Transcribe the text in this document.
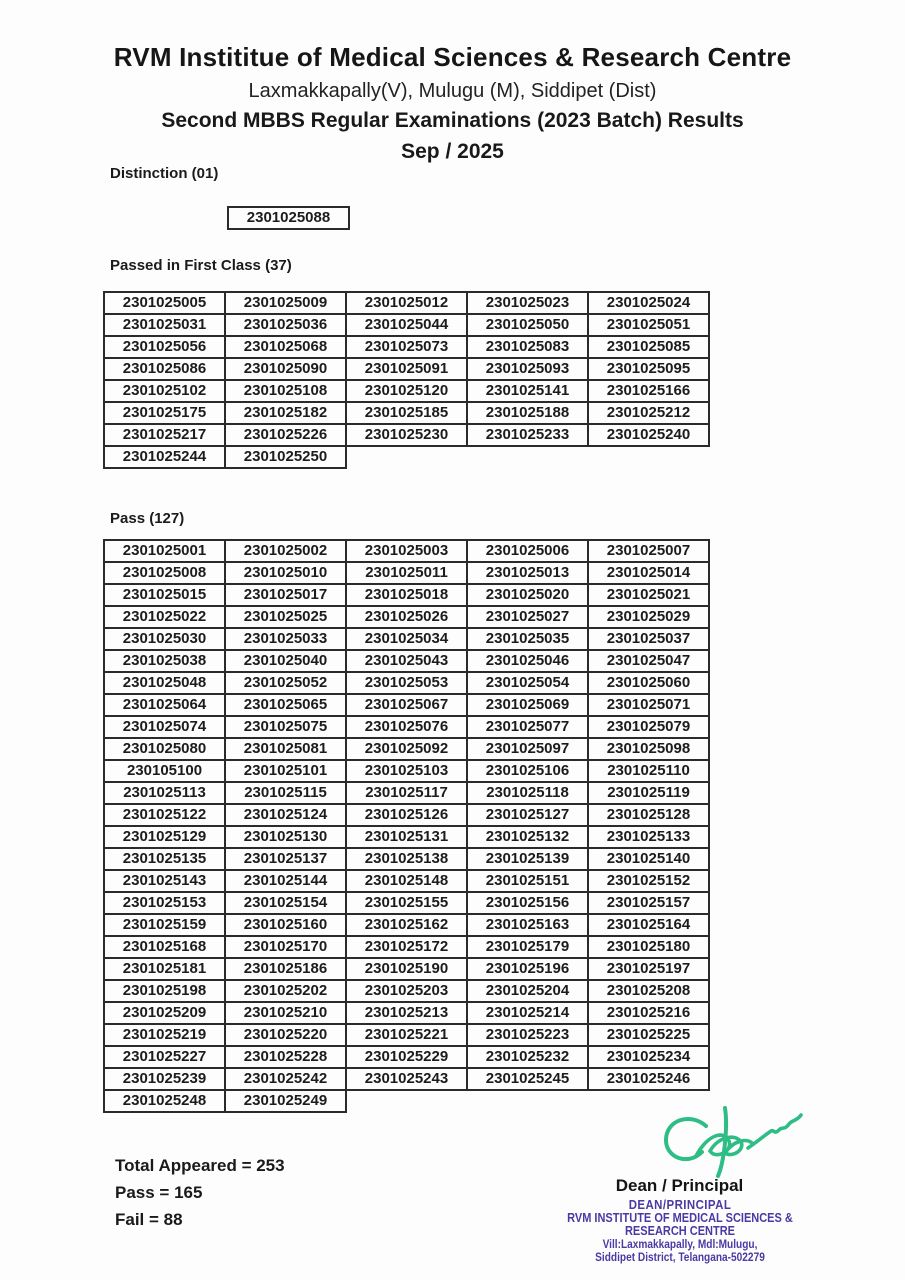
RVM Instititue of Medical Sciences & Research Centre
Laxmakkapally(V), Mulugu (M), Siddipet (Dist)
Second MBBS Regular Examinations (2023 Batch) Results
Sep / 2025
Distinction (01)
2301025088
Passed in First Class (37)
2301025005	2301025009	2301025012	2301025023	2301025024
2301025031	2301025036	2301025044	2301025050	2301025051
2301025056	2301025068	2301025073	2301025083	2301025085
2301025086	2301025090	2301025091	2301025093	2301025095
2301025102	2301025108	2301025120	2301025141	2301025166
2301025175	2301025182	2301025185	2301025188	2301025212
2301025217	2301025226	2301025230	2301025233	2301025240
2301025244	2301025250			
Pass (127)
2301025001	2301025002	2301025003	2301025006	2301025007
2301025008	2301025010	2301025011	2301025013	2301025014
2301025015	2301025017	2301025018	2301025020	2301025021
2301025022	2301025025	2301025026	2301025027	2301025029
2301025030	2301025033	2301025034	2301025035	2301025037
2301025038	2301025040	2301025043	2301025046	2301025047
2301025048	2301025052	2301025053	2301025054	2301025060
2301025064	2301025065	2301025067	2301025069	2301025071
2301025074	2301025075	2301025076	2301025077	2301025079
2301025080	2301025081	2301025092	2301025097	2301025098
230105100	2301025101	2301025103	2301025106	2301025110
2301025113	2301025115	2301025117	2301025118	2301025119
2301025122	2301025124	2301025126	2301025127	2301025128
2301025129	2301025130	2301025131	2301025132	2301025133
2301025135	2301025137	2301025138	2301025139	2301025140
2301025143	2301025144	2301025148	2301025151	2301025152
2301025153	2301025154	2301025155	2301025156	2301025157
2301025159	2301025160	2301025162	2301025163	2301025164
2301025168	2301025170	2301025172	2301025179	2301025180
2301025181	2301025186	2301025190	2301025196	2301025197
2301025198	2301025202	2301025203	2301025204	2301025208
2301025209	2301025210	2301025213	2301025214	2301025216
2301025219	2301025220	2301025221	2301025223	2301025225
2301025227	2301025228	2301025229	2301025232	2301025234
2301025239	2301025242	2301025243	2301025245	2301025246
2301025248	2301025249			
Total Appeared = 253
Pass = 165
Fail = 88
Dean / Principal
DEAN/PRINCIPAL
RVM INSTITUTE OF MEDICAL SCIENCES &
RESEARCH CENTRE
Vill:Laxmakkapally, Mdl:Mulugu,
Siddipet District, Telangana-502279
